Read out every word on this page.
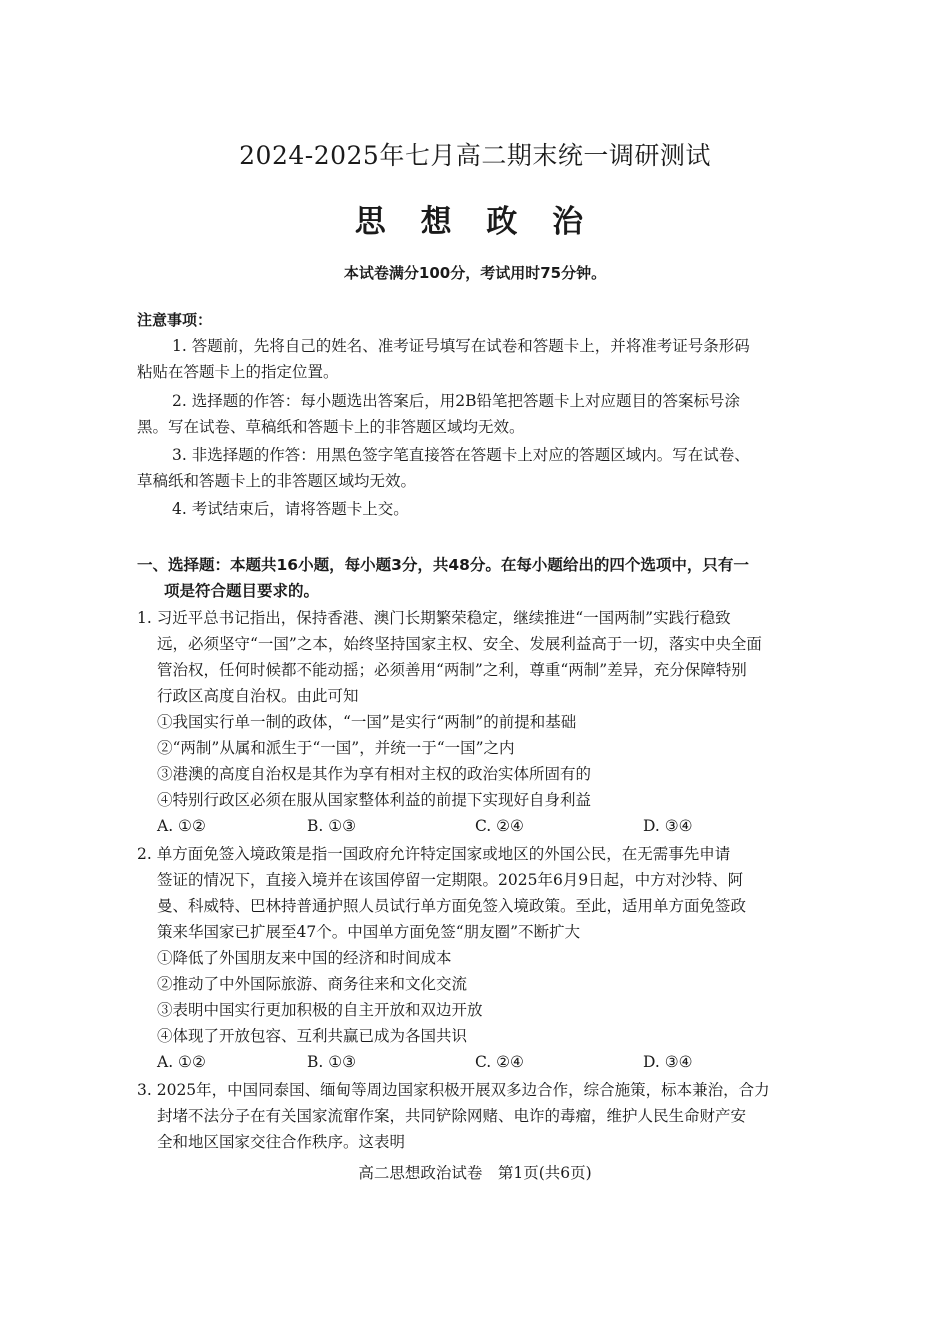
2024-2025年七月高二期末统一调研测试
思 想 政 治
本试卷满分100分，考试用时75分钟。
注意事项：
1. 答题前，先将自己的姓名、准考证号填写在试卷和答题卡上，并将准考证号条形码
粘贴在答题卡上的指定位置。
2. 选择题的作答：每小题选出答案后，用2B铅笔把答题卡上对应题目的答案标号涂
黑。写在试卷、草稿纸和答题卡上的非答题区域均无效。
3. 非选择题的作答：用黑色签字笔直接答在答题卡上对应的答题区域内。写在试卷、
草稿纸和答题卡上的非答题区域均无效。
4. 考试结束后，请将答题卡上交。
一、选择题：本题共16小题，每小题3分，共48分。在每小题给出的四个选项中，只有一
项是符合题目要求的。
1. 习近平总书记指出，保持香港、澳门长期繁荣稳定，继续推进“一国两制”实践行稳致
远，必须坚守“一国”之本，始终坚持国家主权、安全、发展利益高于一切，落实中央全面
管治权，任何时候都不能动摇；必须善用“两制”之利，尊重“两制”差异，充分保障特别
行政区高度自治权。由此可知
①我国实行单一制的政体，“一国”是实行“两制”的前提和基础
②“两制”从属和派生于“一国”，并统一于“一国”之内
③港澳的高度自治权是其作为享有相对主权的政治实体所固有的
④特别行政区必须在服从国家整体利益的前提下实现好自身利益
A. ①②	B. ①③	C. ②④	D. ③④
2. 单方面免签入境政策是指一国政府允许特定国家或地区的外国公民，在无需事先申请
签证的情况下，直接入境并在该国停留一定期限。2025年6月9日起，中方对沙特、阿
曼、科威特、巴林持普通护照人员试行单方面免签入境政策。至此，适用单方面免签政
策来华国家已扩展至47个。中国单方面免签“朋友圈”不断扩大
①降低了外国朋友来中国的经济和时间成本
②推动了中外国际旅游、商务往来和文化交流
③表明中国实行更加积极的自主开放和双边开放
④体现了开放包容、互利共赢已成为各国共识
A. ①②	B. ①③	C. ②④	D. ③④
3. 2025年，中国同泰国、缅甸等周边国家积极开展双多边合作，综合施策，标本兼治，合力
封堵不法分子在有关国家流窜作案，共同铲除网赌、电诈的毒瘤，维护人民生命财产安
全和地区国家交往合作秩序。这表明
高二思想政治试卷　第1页(共6页)
